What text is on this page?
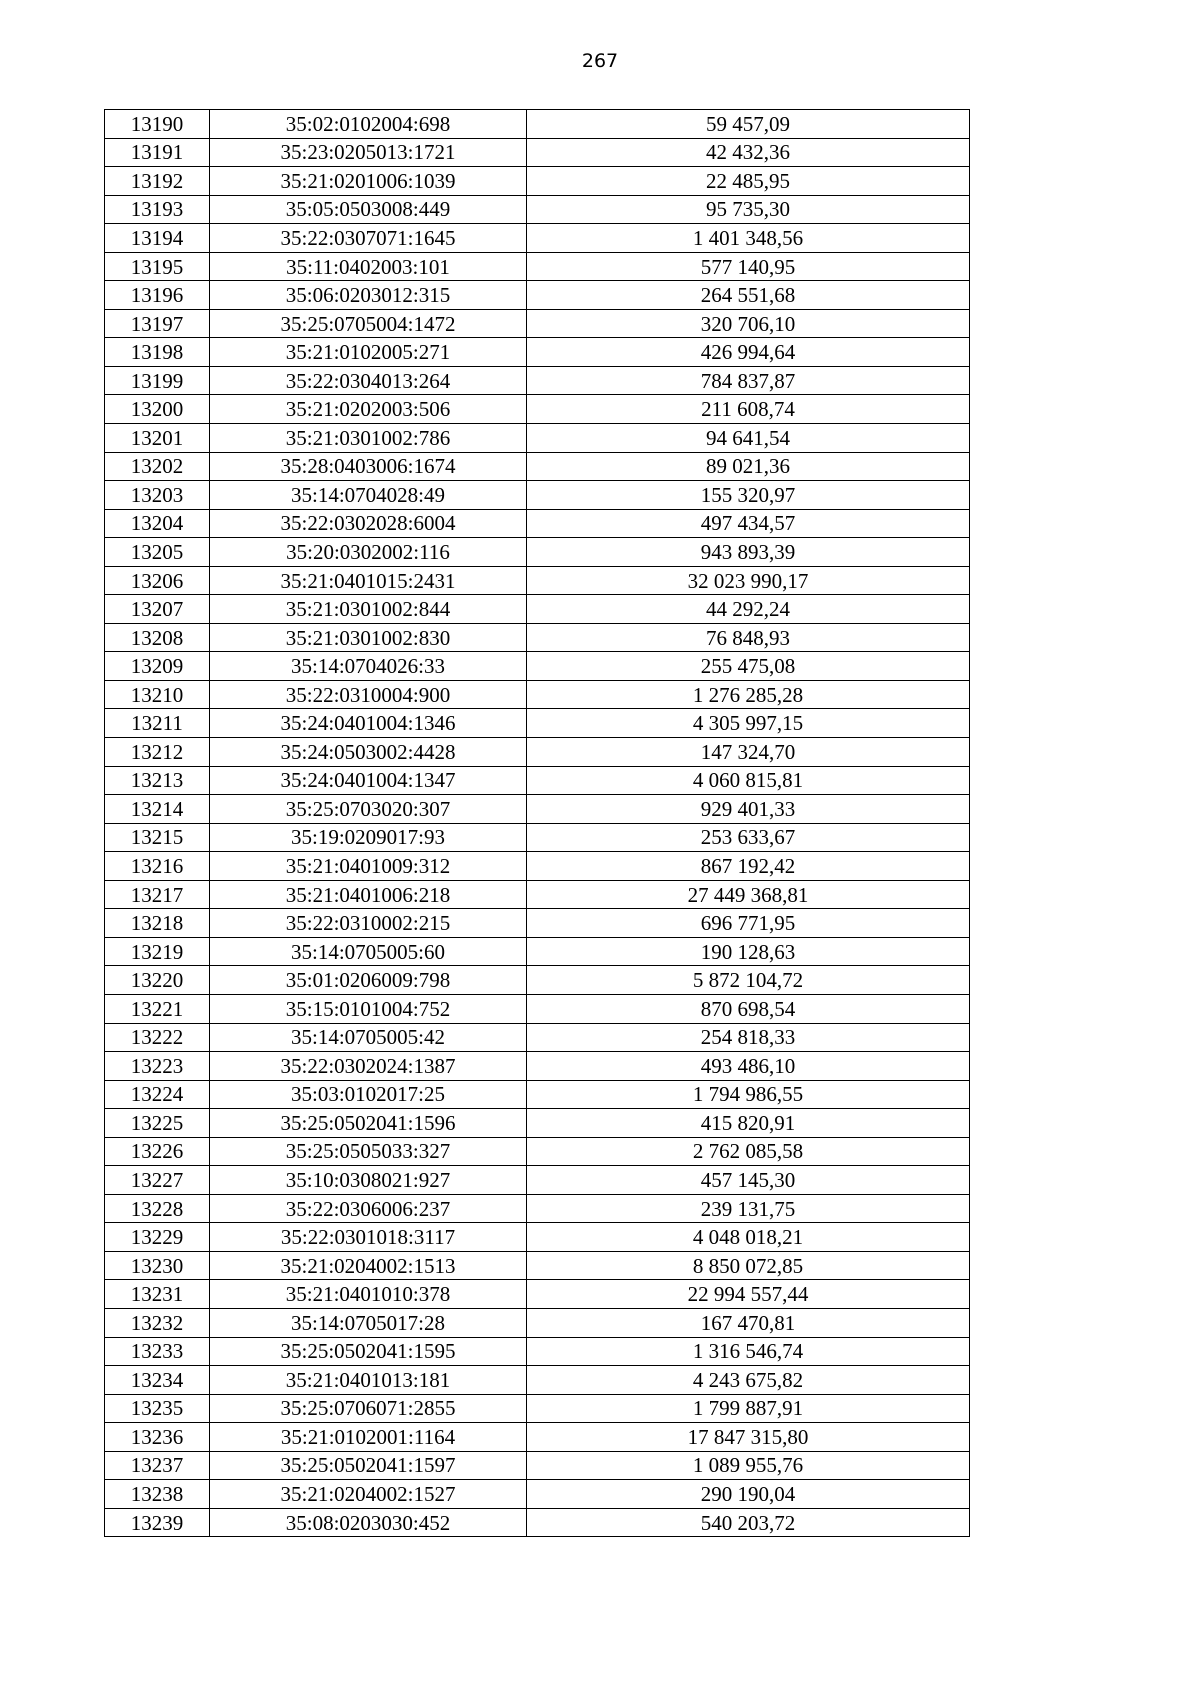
267
13190	35:02:0102004:698	59 457,09
13191	35:23:0205013:1721	42 432,36
13192	35:21:0201006:1039	22 485,95
13193	35:05:0503008:449	95 735,30
13194	35:22:0307071:1645	1 401 348,56
13195	35:11:0402003:101	577 140,95
13196	35:06:0203012:315	264 551,68
13197	35:25:0705004:1472	320 706,10
13198	35:21:0102005:271	426 994,64
13199	35:22:0304013:264	784 837,87
13200	35:21:0202003:506	211 608,74
13201	35:21:0301002:786	94 641,54
13202	35:28:0403006:1674	89 021,36
13203	35:14:0704028:49	155 320,97
13204	35:22:0302028:6004	497 434,57
13205	35:20:0302002:116	943 893,39
13206	35:21:0401015:2431	32 023 990,17
13207	35:21:0301002:844	44 292,24
13208	35:21:0301002:830	76 848,93
13209	35:14:0704026:33	255 475,08
13210	35:22:0310004:900	1 276 285,28
13211	35:24:0401004:1346	4 305 997,15
13212	35:24:0503002:4428	147 324,70
13213	35:24:0401004:1347	4 060 815,81
13214	35:25:0703020:307	929 401,33
13215	35:19:0209017:93	253 633,67
13216	35:21:0401009:312	867 192,42
13217	35:21:0401006:218	27 449 368,81
13218	35:22:0310002:215	696 771,95
13219	35:14:0705005:60	190 128,63
13220	35:01:0206009:798	5 872 104,72
13221	35:15:0101004:752	870 698,54
13222	35:14:0705005:42	254 818,33
13223	35:22:0302024:1387	493 486,10
13224	35:03:0102017:25	1 794 986,55
13225	35:25:0502041:1596	415 820,91
13226	35:25:0505033:327	2 762 085,58
13227	35:10:0308021:927	457 145,30
13228	35:22:0306006:237	239 131,75
13229	35:22:0301018:3117	4 048 018,21
13230	35:21:0204002:1513	8 850 072,85
13231	35:21:0401010:378	22 994 557,44
13232	35:14:0705017:28	167 470,81
13233	35:25:0502041:1595	1 316 546,74
13234	35:21:0401013:181	4 243 675,82
13235	35:25:0706071:2855	1 799 887,91
13236	35:21:0102001:1164	17 847 315,80
13237	35:25:0502041:1597	1 089 955,76
13238	35:21:0204002:1527	290 190,04
13239	35:08:0203030:452	540 203,72
